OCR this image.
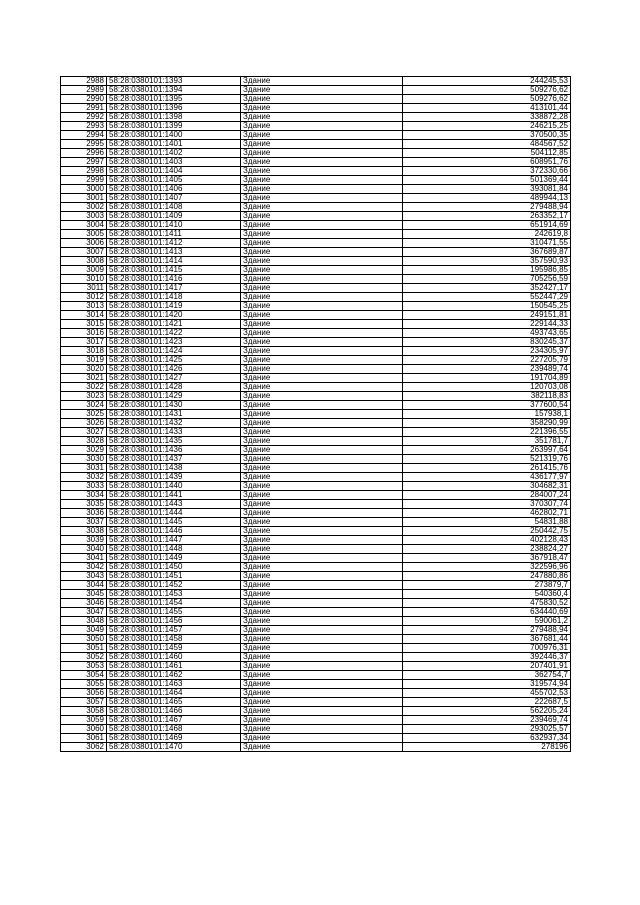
2988	58:28:0380101:1393	Здание	244245,53
2989	58:28:0380101:1394	Здание	509276,62
2990	58:28:0380101:1395	Здание	509276,62
2991	58:28:0380101:1396	Здание	413101,44
2992	58:28:0380101:1398	Здание	338872,28
2993	58:28:0380101:1399	Здание	246215,25
2994	58:28:0380101:1400	Здание	370500,35
2995	58:28:0380101:1401	Здание	484567,52
2996	58:28:0380101:1402	Здание	504112,85
2997	58:28:0380101:1403	Здание	608951,76
2998	58:28:0380101:1404	Здание	372330,66
2999	58:28:0380101:1405	Здание	501369,44
3000	58:28:0380101:1406	Здание	393081,84
3001	58:28:0380101:1407	Здание	489944,13
3002	58:28:0380101:1408	Здание	279488,94
3003	58:28:0380101:1409	Здание	263352,17
3004	58:28:0380101:1410	Здание	651914,69
3005	58:28:0380101:1411	Здание	242619,8
3006	58:28:0380101:1412	Здание	310471,55
3007	58:28:0380101:1413	Здание	367689,87
3008	58:28:0380101:1414	Здание	357590,93
3009	58:28:0380101:1415	Здание	195986,85
3010	58:28:0380101:1416	Здание	705256,59
3011	58:28:0380101:1417	Здание	352427,17
3012	58:28:0380101:1418	Здание	552447,29
3013	58:28:0380101:1419	Здание	150545,25
3014	58:28:0380101:1420	Здание	249151,81
3015	58:28:0380101:1421	Здание	229144,33
3016	58:28:0380101:1422	Здание	493743,65
3017	58:28:0380101:1423	Здание	830245,37
3018	58:28:0380101:1424	Здание	234305,97
3019	58:28:0380101:1425	Здание	227205,79
3020	58:28:0380101:1426	Здание	239489,74
3021	58:28:0380101:1427	Здание	191704,89
3022	58:28:0380101:1428	Здание	120703,08
3023	58:28:0380101:1429	Здание	382118,83
3024	58:28:0380101:1430	Здание	377600,54
3025	58:28:0380101:1431	Здание	157938,1
3026	58:28:0380101:1432	Здание	358290,99
3027	58:28:0380101:1433	Здание	221396,55
3028	58:28:0380101:1435	Здание	351781,7
3029	58:28:0380101:1436	Здание	263997,64
3030	58:28:0380101:1437	Здание	521319,76
3031	58:28:0380101:1438	Здание	261415,76
3032	58:28:0380101:1439	Здание	436177,97
3033	58:28:0380101:1440	Здание	304682,31
3034	58:28:0380101:1441	Здание	284007,24
3035	58:28:0380101:1443	Здание	370307,74
3036	58:28:0380101:1444	Здание	462802,71
3037	58:28:0380101:1445	Здание	54831,88
3038	58:28:0380101:1446	Здание	250442,75
3039	58:28:0380101:1447	Здание	402128,43
3040	58:28:0380101:1448	Здание	238824,27
3041	58:28:0380101:1449	Здание	367918,47
3042	58:28:0380101:1450	Здание	322596,96
3043	58:28:0380101:1451	Здание	247880,86
3044	58:28:0380101:1452	Здание	273879,7
3045	58:28:0380101:1453	Здание	540360,4
3046	58:28:0380101:1454	Здание	475830,52
3047	58:28:0380101:1455	Здание	634440,69
3048	58:28:0380101:1456	Здание	590061,2
3049	58:28:0380101:1457	Здание	279488,94
3050	58:28:0380101:1458	Здание	367681,44
3051	58:28:0380101:1459	Здание	700976,31
3052	58:28:0380101:1460	Здание	392446,37
3053	58:28:0380101:1461	Здание	207401,91
3054	58:28:0380101:1462	Здание	362754,7
3055	58:28:0380101:1463	Здание	319574,94
3056	58:28:0380101:1464	Здание	455702,53
3057	58:28:0380101:1465	Здание	222687,5
3058	58:28:0380101:1466	Здание	562205,24
3059	58:28:0380101:1467	Здание	239469,74
3060	58:28:0380101:1468	Здание	293025,57
3061	58:28:0380101:1469	Здание	632937,34
3062	58:28:0380101:1470	Здание	278196
